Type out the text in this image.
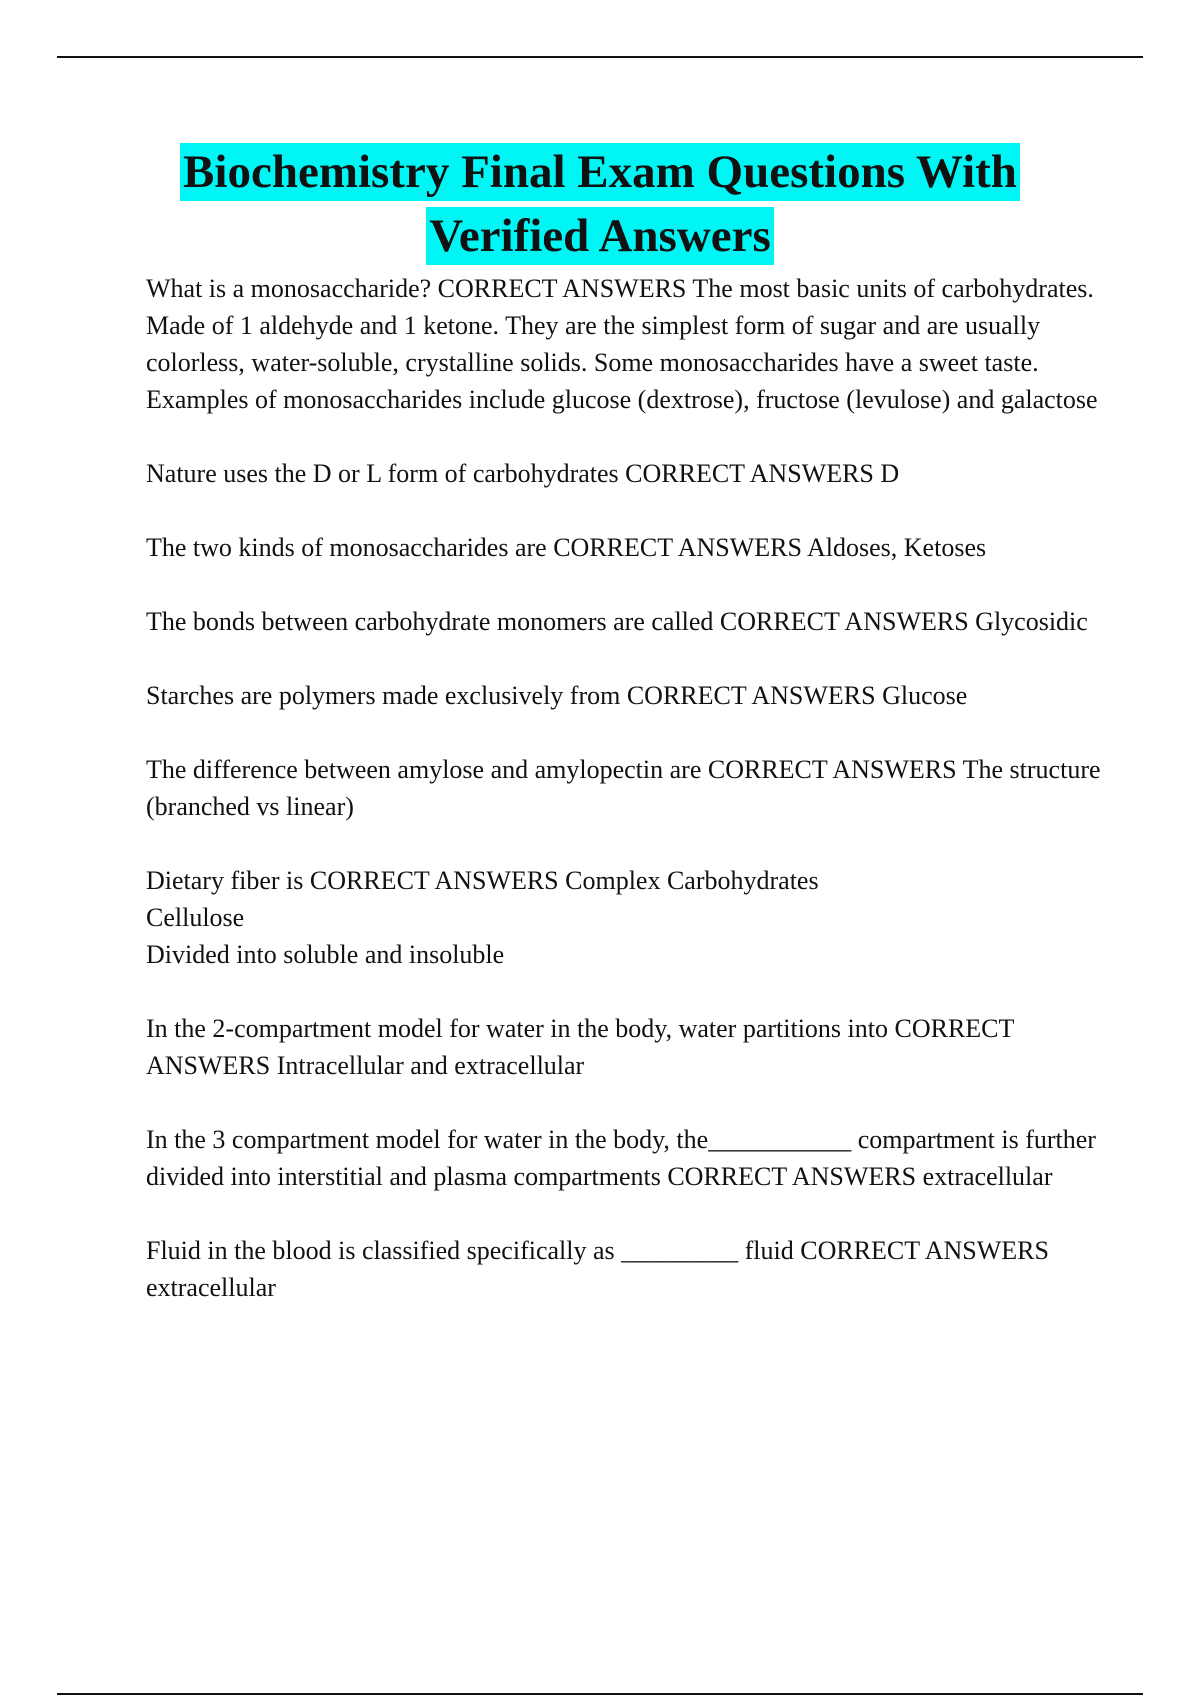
Biochemistry Final Exam Questions With
Verified Answers

What is a monosaccharide? CORRECT ANSWERS The most basic units of carbohydrates. Made of 1 aldehyde and 1 ketone. They are the simplest form of sugar and are usually colorless, water-soluble, crystalline solids. Some monosaccharides have a sweet taste. Examples of monosaccharides include glucose (dextrose), fructose (levulose) and galactose

Nature uses the D or L form of carbohydrates CORRECT ANSWERS D

The two kinds of monosaccharides are CORRECT ANSWERS Aldoses, Ketoses

The bonds between carbohydrate monomers are called CORRECT ANSWERS Glycosidic

Starches are polymers made exclusively from CORRECT ANSWERS Glucose

The difference between amylose and amylopectin are CORRECT ANSWERS The structure (branched vs linear)

Dietary fiber is CORRECT ANSWERS Complex Carbohydrates
Cellulose
Divided into soluble and insoluble

In the 2-compartment model for water in the body, water partitions into CORRECT ANSWERS Intracellular and extracellular

In the 3 compartment model for water in the body, the___________ compartment is further divided into interstitial and plasma compartments CORRECT ANSWERS extracellular

Fluid in the blood is classified specifically as _________ fluid CORRECT ANSWERS extracellular
